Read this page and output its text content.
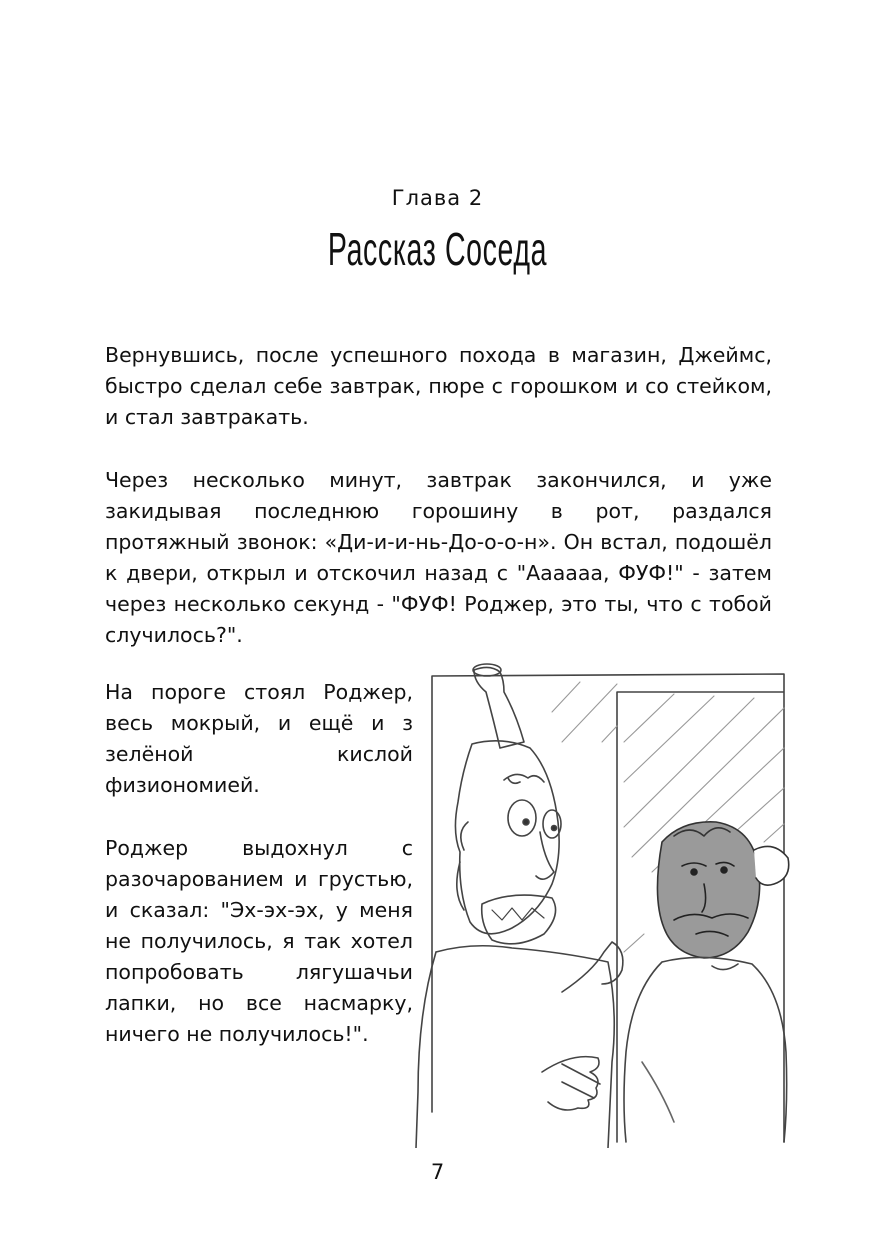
Глава 2
Рассказ Соседа

Вернувшись, после успешного похода в магазин, Джеймс, быстро сделал себе завтрак, пюре с горошком и со стейком, и стал завтракать.

Через несколько минут, завтрак закончился, и уже закидывая последнюю горошину в рот, раздался протяжный звонок: «Ди-и-и-нь-До-о-о-н». Он встал, подошёл к двери, открыл и отскочил назад с "Аааааа, ФУФ!" - затем через несколько секунд - "ФУФ! Роджер, это ты, что с тобой случилось?".

На пороге стоял Роджер, весь мокрый, и ещё и з зелёной кислой физиономией.

Роджер выдохнул с разочарованием и грустью, и сказал: "Эх-эх-эх, у меня не получилось, я так хотел попробовать лягушачьи лапки, но все насмарку, ничего не получилось!".

7
